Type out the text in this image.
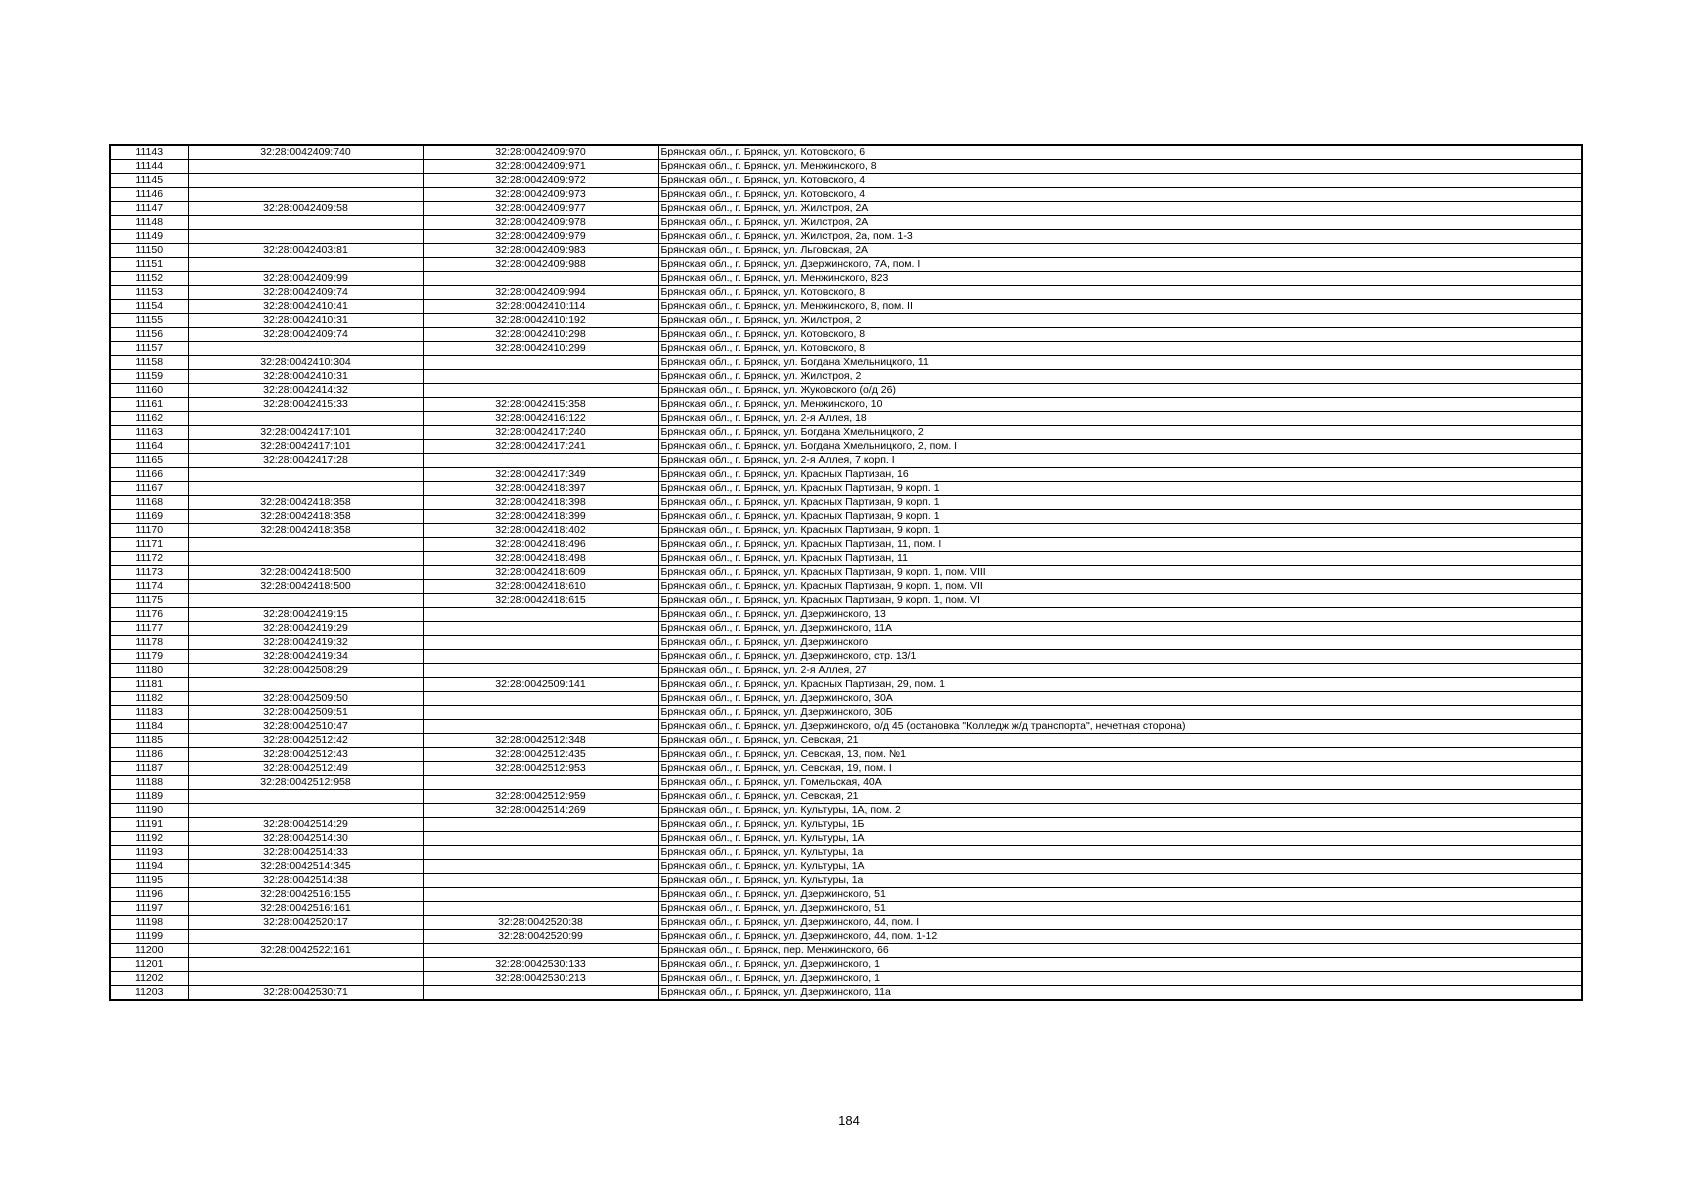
11143	32:28:0042409:740	32:28:0042409:970	Брянская обл., г. Брянск, ул. Котовского, 6
11144		32:28:0042409:971	Брянская обл., г. Брянск, ул. Менжинского, 8
11145		32:28:0042409:972	Брянская обл., г. Брянск, ул. Котовского, 4
11146		32:28:0042409:973	Брянская обл., г. Брянск, ул. Котовского, 4
11147	32:28:0042409:58	32:28:0042409:977	Брянская обл., г. Брянск, ул. Жилстроя, 2А
11148		32:28:0042409:978	Брянская обл., г. Брянск, ул. Жилстроя, 2А
11149		32:28:0042409:979	Брянская обл., г. Брянск, ул. Жилстроя, 2а, пом. 1-3
11150	32:28:0042403:81	32:28:0042409:983	Брянская обл., г. Брянск, ул. Льговская, 2А
11151		32:28:0042409:988	Брянская обл., г. Брянск, ул. Дзержинского, 7А, пом. I
11152	32:28:0042409:99		Брянская обл., г. Брянск, ул. Менжинского, 823
11153	32:28:0042409:74	32:28:0042409:994	Брянская обл., г. Брянск, ул. Котовского, 8
11154	32:28:0042410:41	32:28:0042410:114	Брянская обл., г. Брянск, ул. Менжинского, 8, пом. II
11155	32:28:0042410:31	32:28:0042410:192	Брянская обл., г. Брянск, ул. Жилстроя, 2
11156	32:28:0042409:74	32:28:0042410:298	Брянская обл., г. Брянск, ул. Котовского, 8
11157		32:28:0042410:299	Брянская обл., г. Брянск, ул. Котовского, 8
11158	32:28:0042410:304		Брянская обл., г. Брянск, ул. Богдана Хмельницкого, 11
11159	32:28:0042410:31		Брянская обл., г. Брянск, ул. Жилстроя, 2
11160	32:28:0042414:32		Брянская обл., г. Брянск, ул. Жуковского (о/д 26)
11161	32:28:0042415:33	32:28:0042415:358	Брянская обл., г. Брянск, ул. Менжинского, 10
11162		32:28:0042416:122	Брянская обл., г. Брянск, ул. 2-я Аллея, 18
11163	32:28:0042417:101	32:28:0042417:240	Брянская обл., г. Брянск, ул. Богдана Хмельницкого, 2
11164	32:28:0042417:101	32:28:0042417:241	Брянская обл., г. Брянск, ул. Богдана Хмельницкого, 2, пом. I
11165	32:28:0042417:28		Брянская обл., г. Брянск, ул. 2-я Аллея, 7 корп. I
11166		32:28:0042417:349	Брянская обл., г. Брянск, ул. Красных Партизан, 16
11167		32:28:0042418:397	Брянская обл., г. Брянск, ул. Красных Партизан, 9 корп. 1
11168	32:28:0042418:358	32:28:0042418:398	Брянская обл., г. Брянск, ул. Красных Партизан, 9 корп. 1
11169	32:28:0042418:358	32:28:0042418:399	Брянская обл., г. Брянск, ул. Красных Партизан, 9 корп. 1
11170	32:28:0042418:358	32:28:0042418:402	Брянская обл., г. Брянск, ул. Красных Партизан, 9 корп. 1
11171		32:28:0042418:496	Брянская обл., г. Брянск, ул. Красных Партизан, 11, пом. I
11172		32:28:0042418:498	Брянская обл., г. Брянск, ул. Красных Партизан, 11
11173	32:28:0042418:500	32:28:0042418:609	Брянская обл., г. Брянск, ул. Красных Партизан, 9 корп. 1, пом. VIII
11174	32:28:0042418:500	32:28:0042418:610	Брянская обл., г. Брянск, ул. Красных Партизан, 9 корп. 1, пом. VII
11175		32:28:0042418:615	Брянская обл., г. Брянск, ул. Красных Партизан, 9 корп. 1, пом. VI
11176	32:28:0042419:15		Брянская обл., г. Брянск, ул. Дзержинского, 13
11177	32:28:0042419:29		Брянская обл., г. Брянск, ул. Дзержинского, 11А
11178	32:28:0042419:32		Брянская обл., г. Брянск, ул. Дзержинского
11179	32:28:0042419:34		Брянская обл., г. Брянск, ул. Дзержинского, стр. 13/1
11180	32:28:0042508:29		Брянская обл., г. Брянск, ул. 2-я Аллея, 27
11181		32:28:0042509:141	Брянская обл., г. Брянск, ул. Красных Партизан, 29, пом. 1
11182	32:28:0042509:50		Брянская обл., г. Брянск, ул. Дзержинского, 30А
11183	32:28:0042509:51		Брянская обл., г. Брянск, ул. Дзержинского, 30Б
11184	32:28:0042510:47		Брянская обл., г. Брянск, ул. Дзержинского, о/д 45 (остановка "Колледж ж/д транспорта", нечетная сторона)
11185	32:28:0042512:42	32:28:0042512:348	Брянская обл., г. Брянск, ул. Севская, 21
11186	32:28:0042512:43	32:28:0042512:435	Брянская обл., г. Брянск, ул. Севская, 13, пом. №1
11187	32:28:0042512:49	32:28:0042512:953	Брянская обл., г. Брянск, ул. Севская, 19, пом. I
11188	32:28:0042512:958		Брянская обл., г. Брянск, ул. Гомельская, 40А
11189		32:28:0042512:959	Брянская обл., г. Брянск, ул. Севская, 21
11190		32:28:0042514:269	Брянская обл., г. Брянск, ул. Культуры, 1А, пом. 2
11191	32:28:0042514:29		Брянская обл., г. Брянск, ул. Культуры, 1Б
11192	32:28:0042514:30		Брянская обл., г. Брянск, ул. Культуры, 1А
11193	32:28:0042514:33		Брянская обл., г. Брянск, ул. Культуры, 1а
11194	32:28:0042514:345		Брянская обл., г. Брянск, ул. Культуры, 1А
11195	32:28:0042514:38		Брянская обл., г. Брянск, ул. Культуры, 1а
11196	32:28:0042516:155		Брянская обл., г. Брянск, ул. Дзержинского, 51
11197	32:28:0042516:161		Брянская обл., г. Брянск, ул. Дзержинского, 51
11198	32:28:0042520:17	32:28:0042520:38	Брянская обл., г. Брянск, ул. Дзержинского, 44, пом. I
11199		32:28:0042520:99	Брянская обл., г. Брянск, ул. Дзержинского, 44, пом. 1-12
11200	32:28:0042522:161		Брянская обл., г. Брянск, пер. Менжинского, 66
11201		32:28:0042530:133	Брянская обл., г. Брянск, ул. Дзержинского, 1
11202		32:28:0042530:213	Брянская обл., г. Брянск, ул. Дзержинского, 1
11203	32:28:0042530:71		Брянская обл., г. Брянск, ул. Дзержинского, 11а
184
